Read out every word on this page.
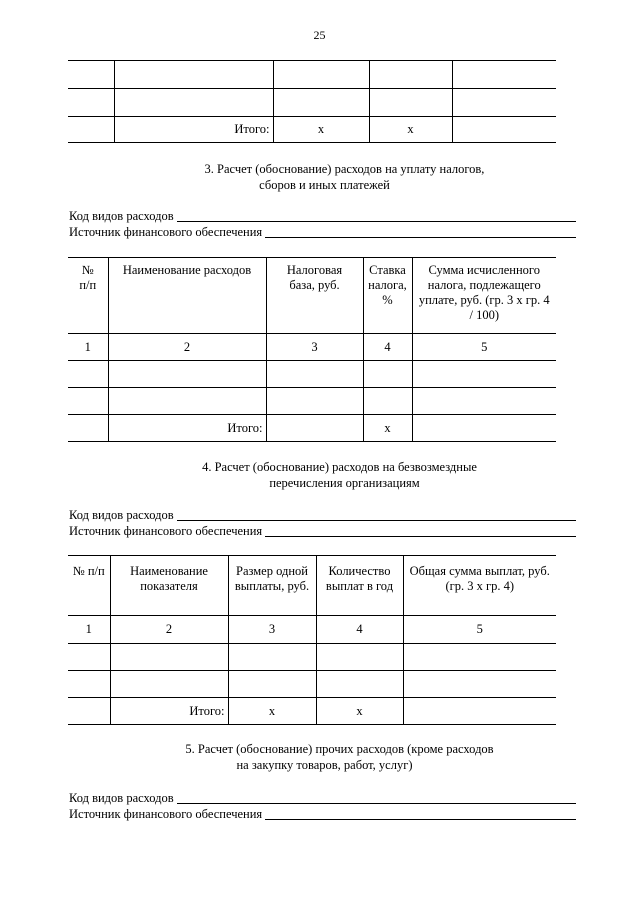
25

	Итого:	x	x	
3. Расчет (обоснование) расходов на уплату налогов,
сборов и иных платежей
Код видов расходов
Источник финансового обеспечения
№
п/п	Наименование расходов	Налоговая база, руб.	Ставка налога, %	Сумма исчисленного налога, подлежащего уплате, руб. (гр. 3 x гр. 4 / 100)
1	2	3	4	5

	Итого:		x	
4. Расчет (обоснование) расходов на безвозмездные
перечисления организациям
Код видов расходов
Источник финансового обеспечения
№ п/п	Наименование показателя	Размер одной выплаты, руб.	Количество выплат в год	Общая сумма выплат, руб. (гр. 3 x гр. 4)
1	2	3	4	5

	Итого:	x	x	
5. Расчет (обоснование) прочих расходов (кроме расходов
на закупку товаров, работ, услуг)
Код видов расходов
Источник финансового обеспечения
